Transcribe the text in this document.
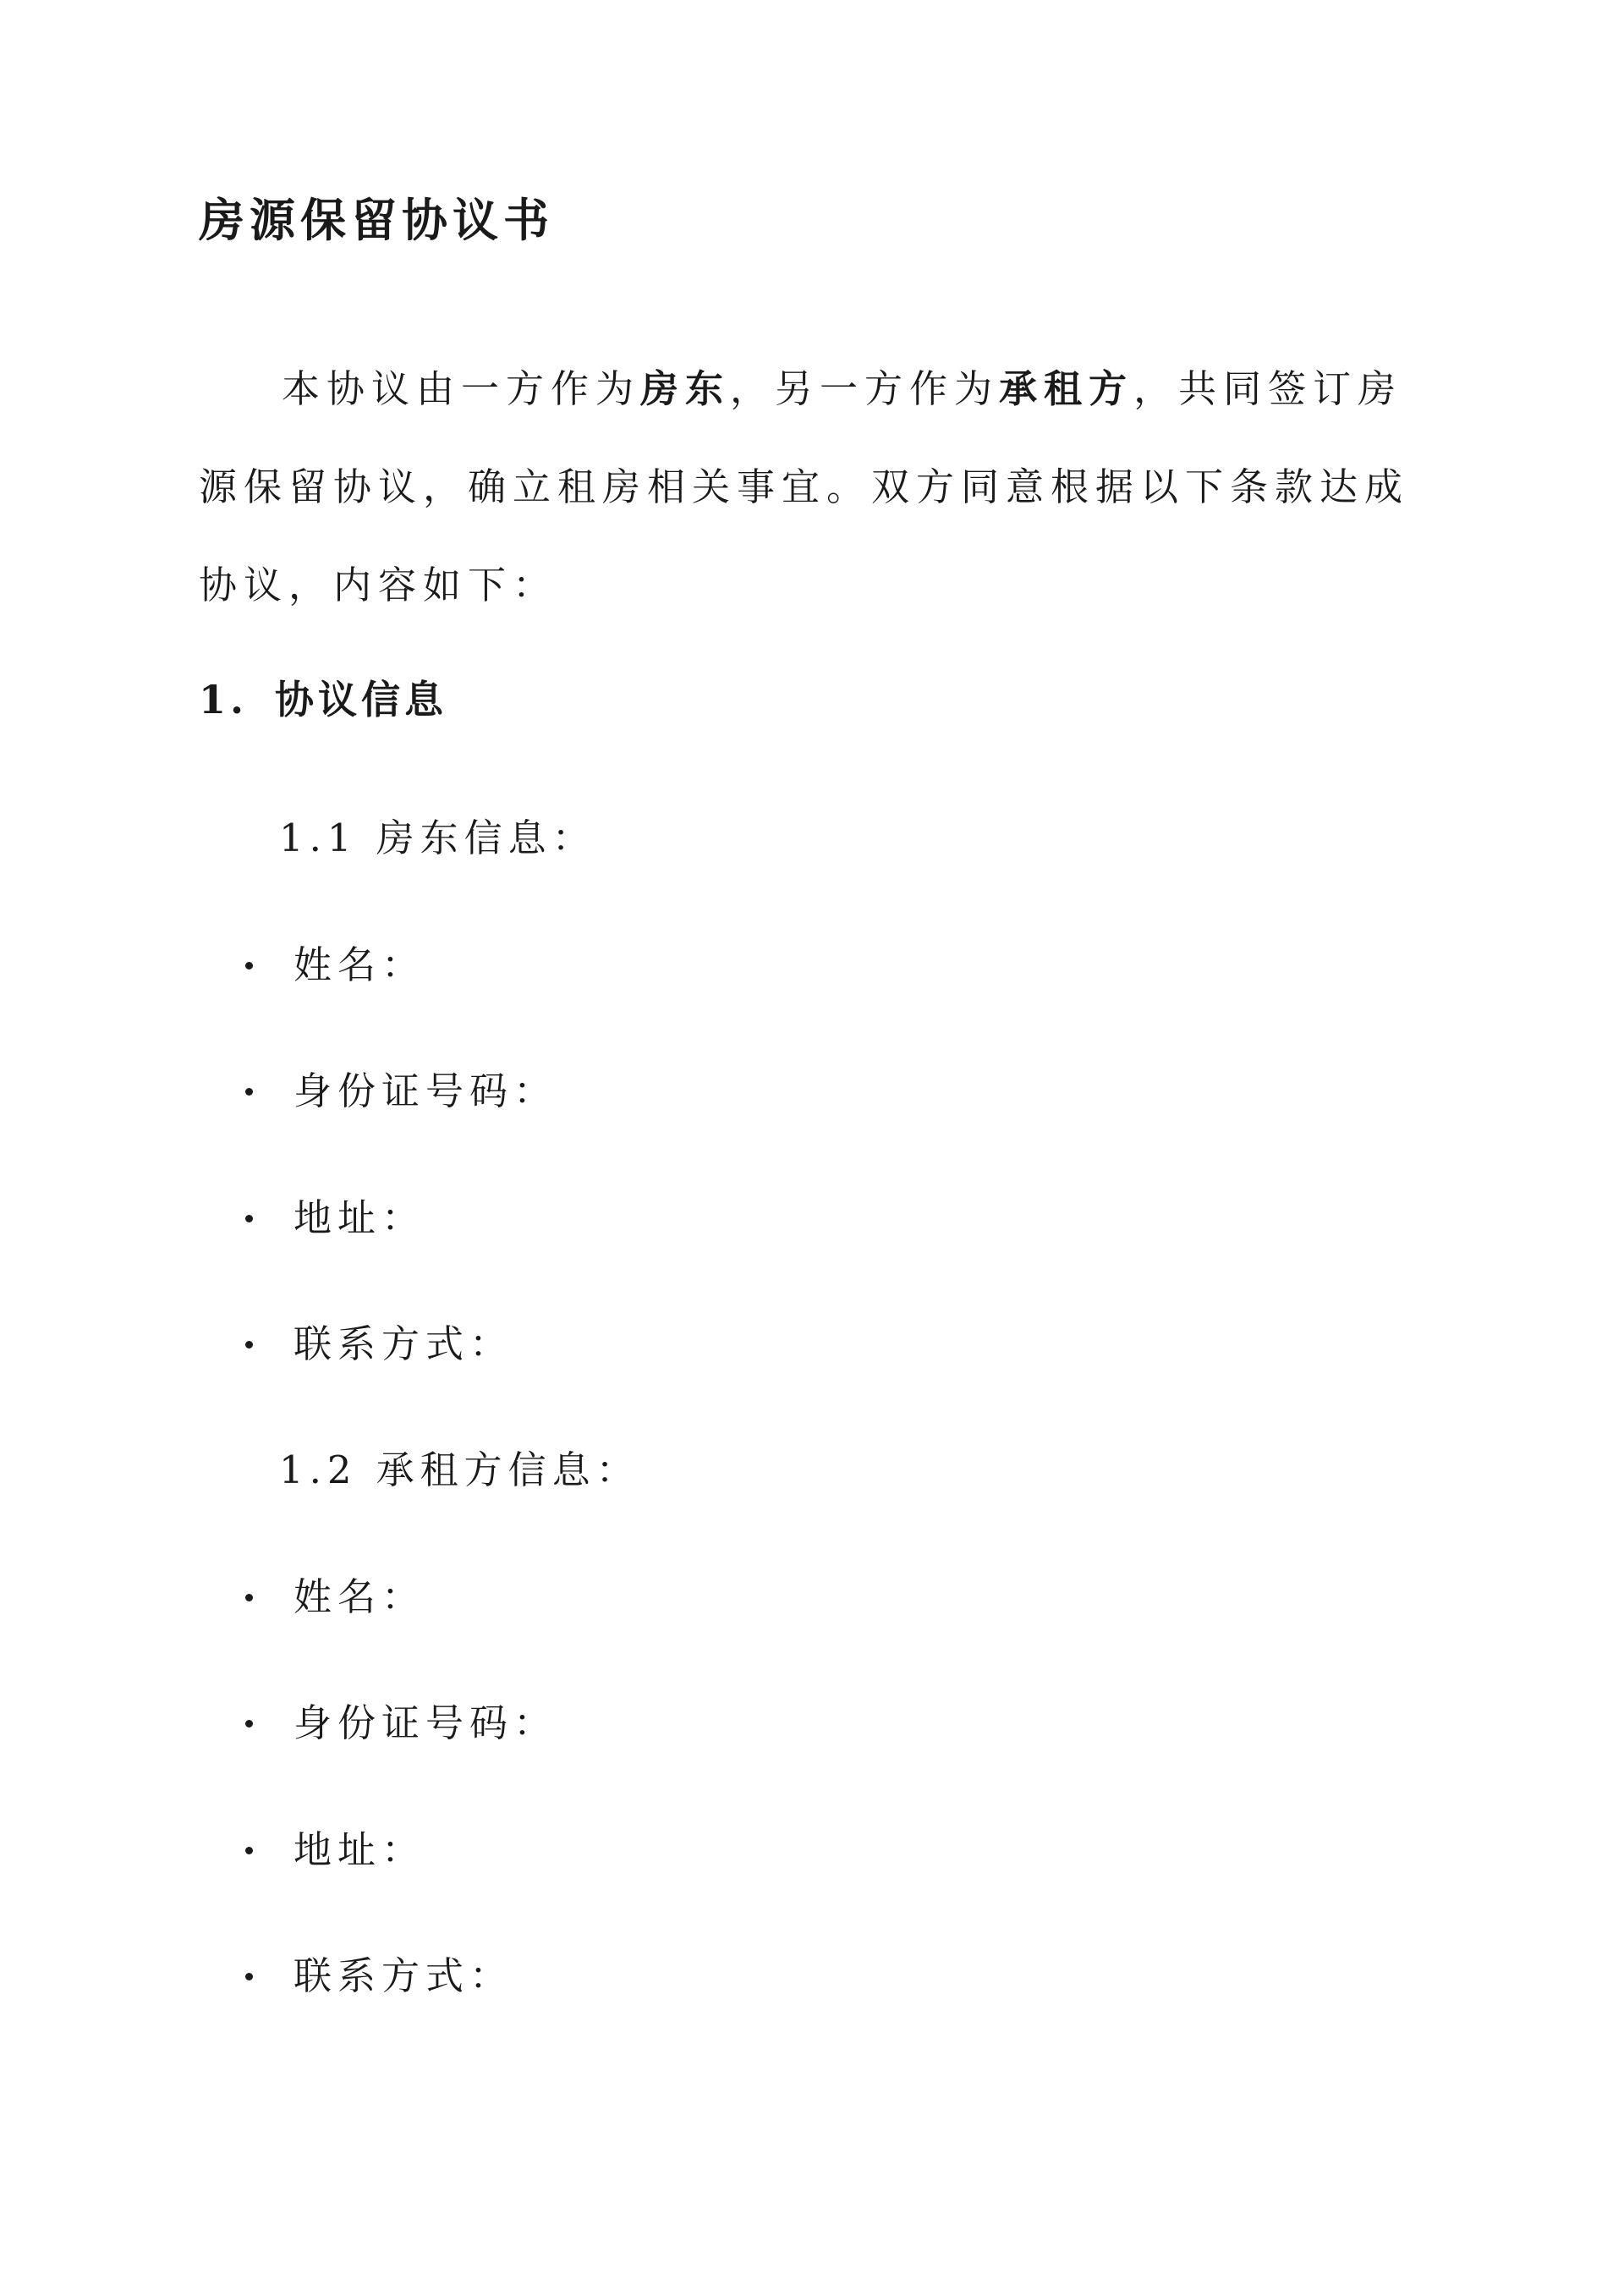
房源保留协议书

本协议由一方作为房东，另一方作为承租方，共同签订房源保留协议，确立租房相关事宜。双方同意根据以下条款达成协议，内容如下：

1. 协议信息
1.1 房东信息：
姓名：
身份证号码：
地址：
联系方式：
1.2 承租方信息：
姓名：
身份证号码：
地址：
联系方式：
